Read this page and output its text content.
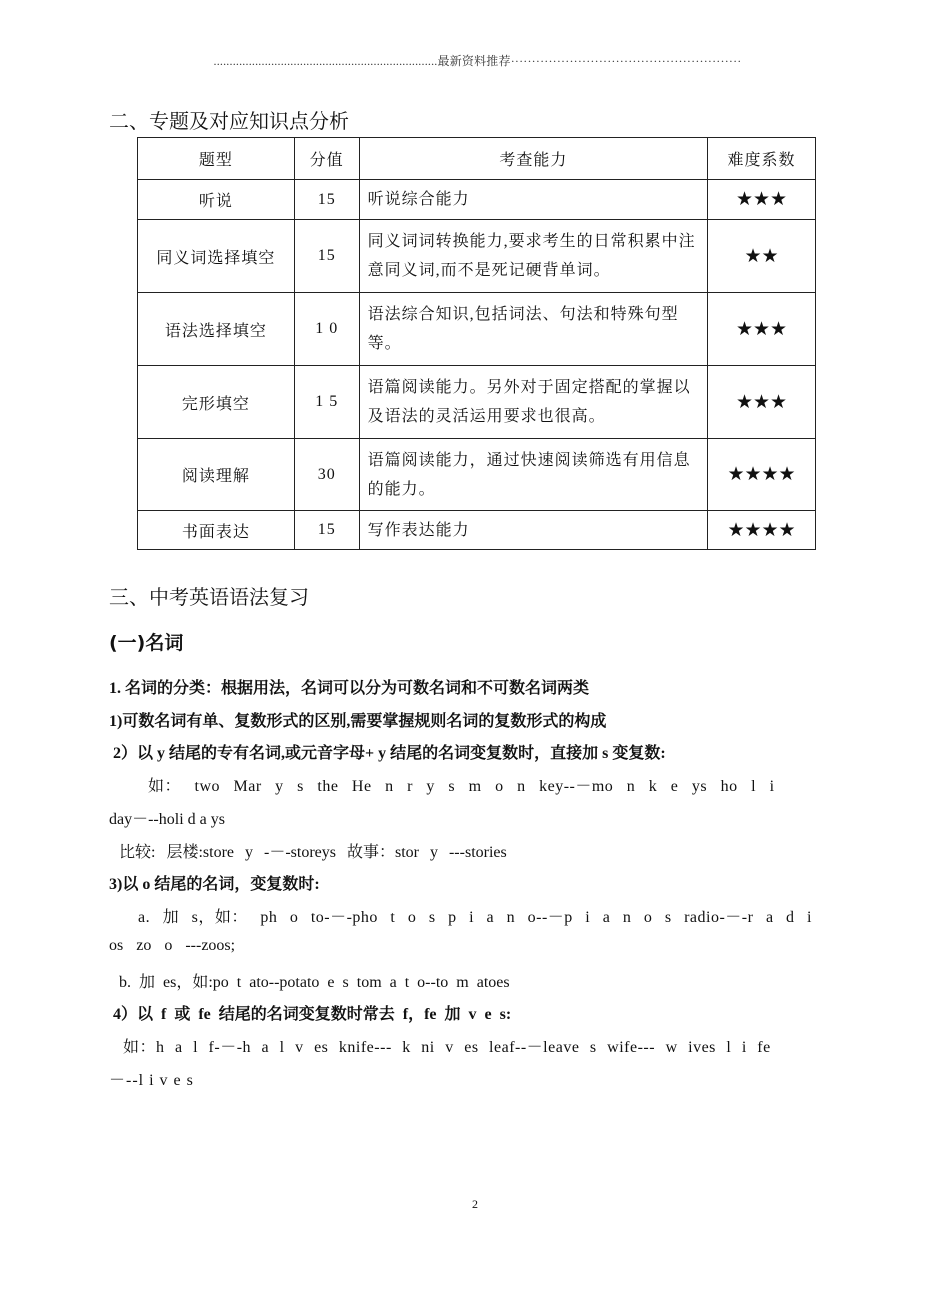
......................................................................最新资料推荐·······················································
二、专题及对应知识点分析
题型	分值	考查能力	难度系数
听说	15	听说综合能力	★★★
同义词选择填空	15	同义词词转换能力,要求考生的日常积累中注意同义词,而不是死记硬背单词。	★★
语法选择填空	1 0	语法综合知识,包括词法、句法和特殊句型等。	★★★
完形填空	1 5	语篇阅读能力。另外对于固定搭配的掌握以及语法的灵活运用要求也很高。	★★★
阅读理解	30	语篇阅读能力，通过快速阅读筛选有用信息的能力。	★★★★
书面表达	15	写作表达能力	★★★★
三、中考英语语法复习
(一)名词
1. 名词的分类：根据用法，名词可以分为可数名词和不可数名词两类
1)可数名词有单、复数形式的区别,需要掌握规则名词的复数形式的构成
2）以 y 结尾的专有名词,或元音字母+ y 结尾的名词变复数时，直接加 s 变复数:
如： two Mar y s the He n r y s m o n key--－mo n k e ys ho l i
day－--holi d a ys
比较: 层楼:store y -－-storeys 故事：stor y ---stories
3)以 o 结尾的名词，变复数时:
a. 加 s，如： ph o to-－-pho t o s p i a n o--－p i a n o s radio-－-r a d i
os zo o ---zoos;
b. 加 es，如:po t ato--potato e s tom a t o--to m atoes
4）以 f 或 fe 结尾的名词变复数时常去 f，fe 加 v e s:
如：h a l f-－-h a l v es knife--- k ni v es leaf--－leave s wife--- w ives l i fe
－--l i v e s
2
